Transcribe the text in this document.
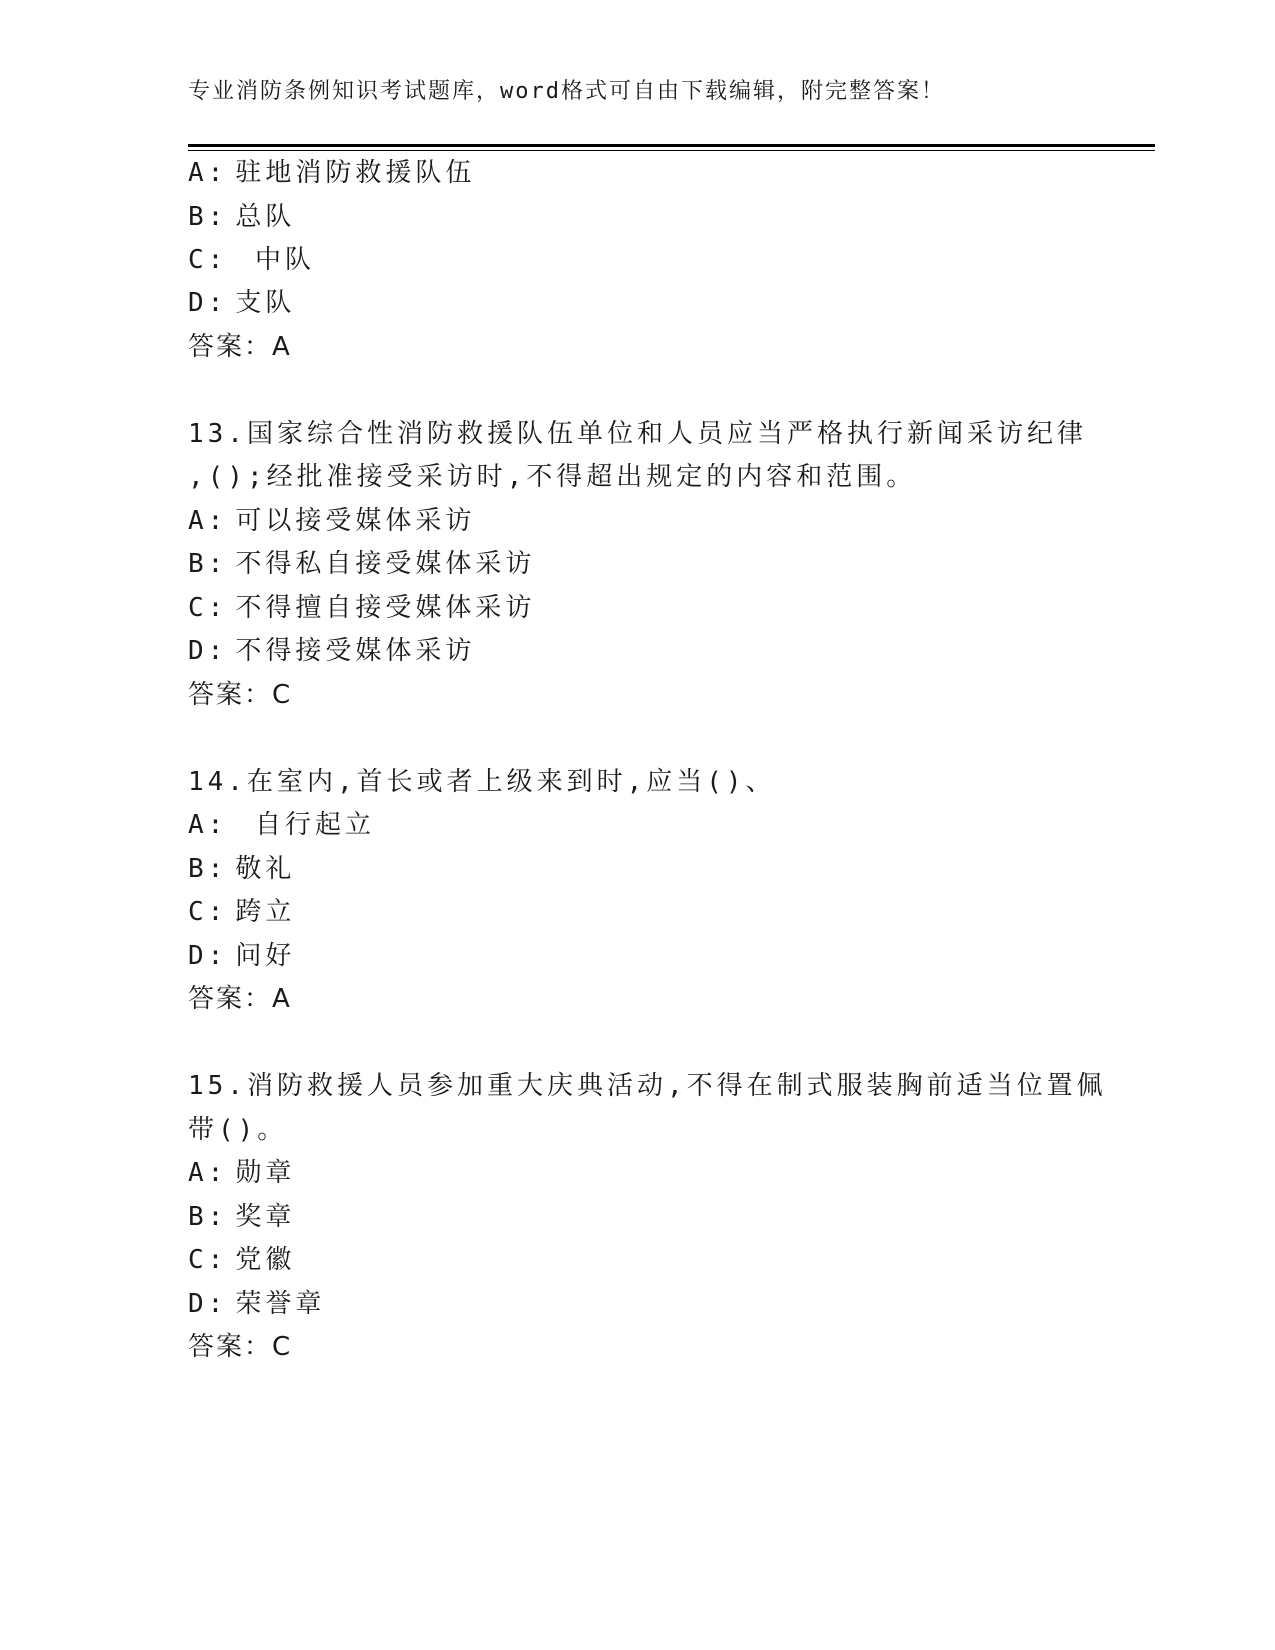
专业消防条例知识考试题库，word格式可自由下载编辑，附完整答案！
A: 驻地消防救援队伍
B: 总队
C: 中队
D: 支队
答案：A
13.国家综合性消防救援队伍单位和人员应当严格执行新闻采访纪律
,();经批准接受采访时,不得超出规定的内容和范围。
A: 可以接受媒体采访
B: 不得私自接受媒体采访
C: 不得擅自接受媒体采访
D: 不得接受媒体采访
答案：C
14.在室内,首长或者上级来到时,应当()、
A: 自行起立
B: 敬礼
C: 跨立
D: 问好
答案：A
15.消防救援人员参加重大庆典活动,不得在制式服装胸前适当位置佩
带()。
A: 勋章
B: 奖章
C: 党徽
D: 荣誉章
答案：C
